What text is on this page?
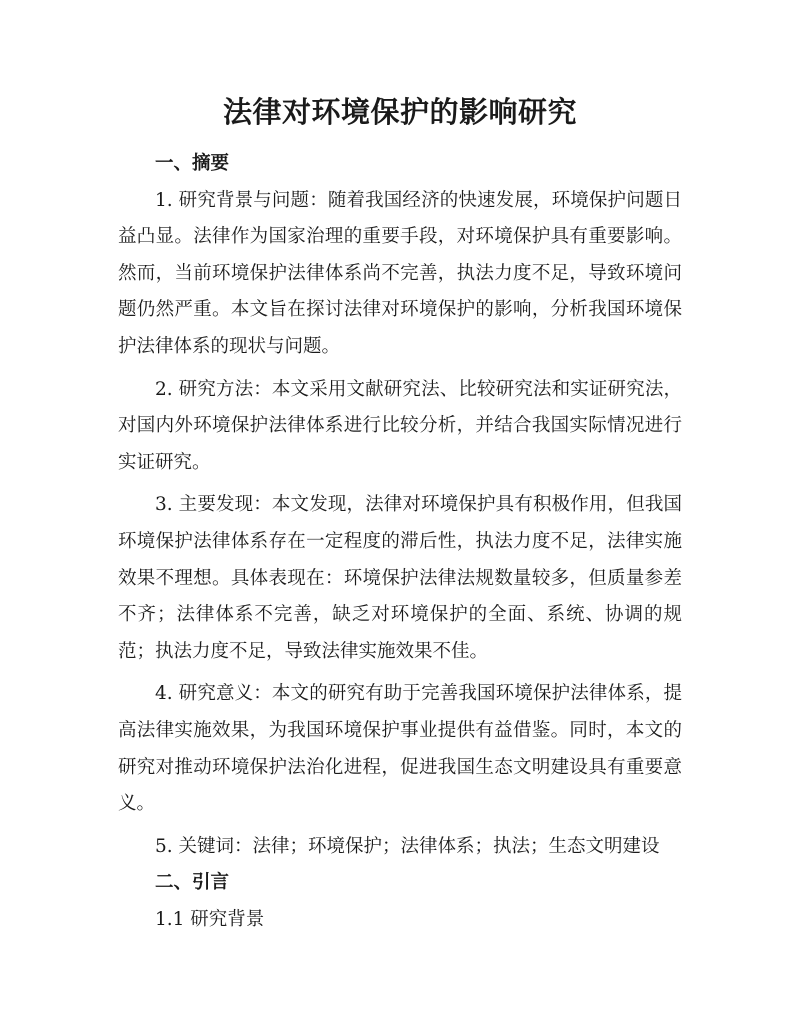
法律对环境保护的影响研究

一、摘要

1. 研究背景与问题：随着我国经济的快速发展，环境保护问题日益凸显。法律作为国家治理的重要手段，对环境保护具有重要影响。然而，当前环境保护法律体系尚不完善，执法力度不足，导致环境问题仍然严重。本文旨在探讨法律对环境保护的影响，分析我国环境保护法律体系的现状与问题。

2. 研究方法：本文采用文献研究法、比较研究法和实证研究法，对国内外环境保护法律体系进行比较分析，并结合我国实际情况进行实证研究。

3. 主要发现：本文发现，法律对环境保护具有积极作用，但我国环境保护法律体系存在一定程度的滞后性，执法力度不足，法律实施效果不理想。具体表现在：环境保护法律法规数量较多，但质量参差不齐；法律体系不完善，缺乏对环境保护的全面、系统、协调的规范；执法力度不足，导致法律实施效果不佳。

4. 研究意义：本文的研究有助于完善我国环境保护法律体系，提高法律实施效果，为我国环境保护事业提供有益借鉴。同时，本文的研究对推动环境保护法治化进程，促进我国生态文明建设具有重要意义。

5. 关键词：法律；环境保护；法律体系；执法；生态文明建设

二、引言

1.1 研究背景
